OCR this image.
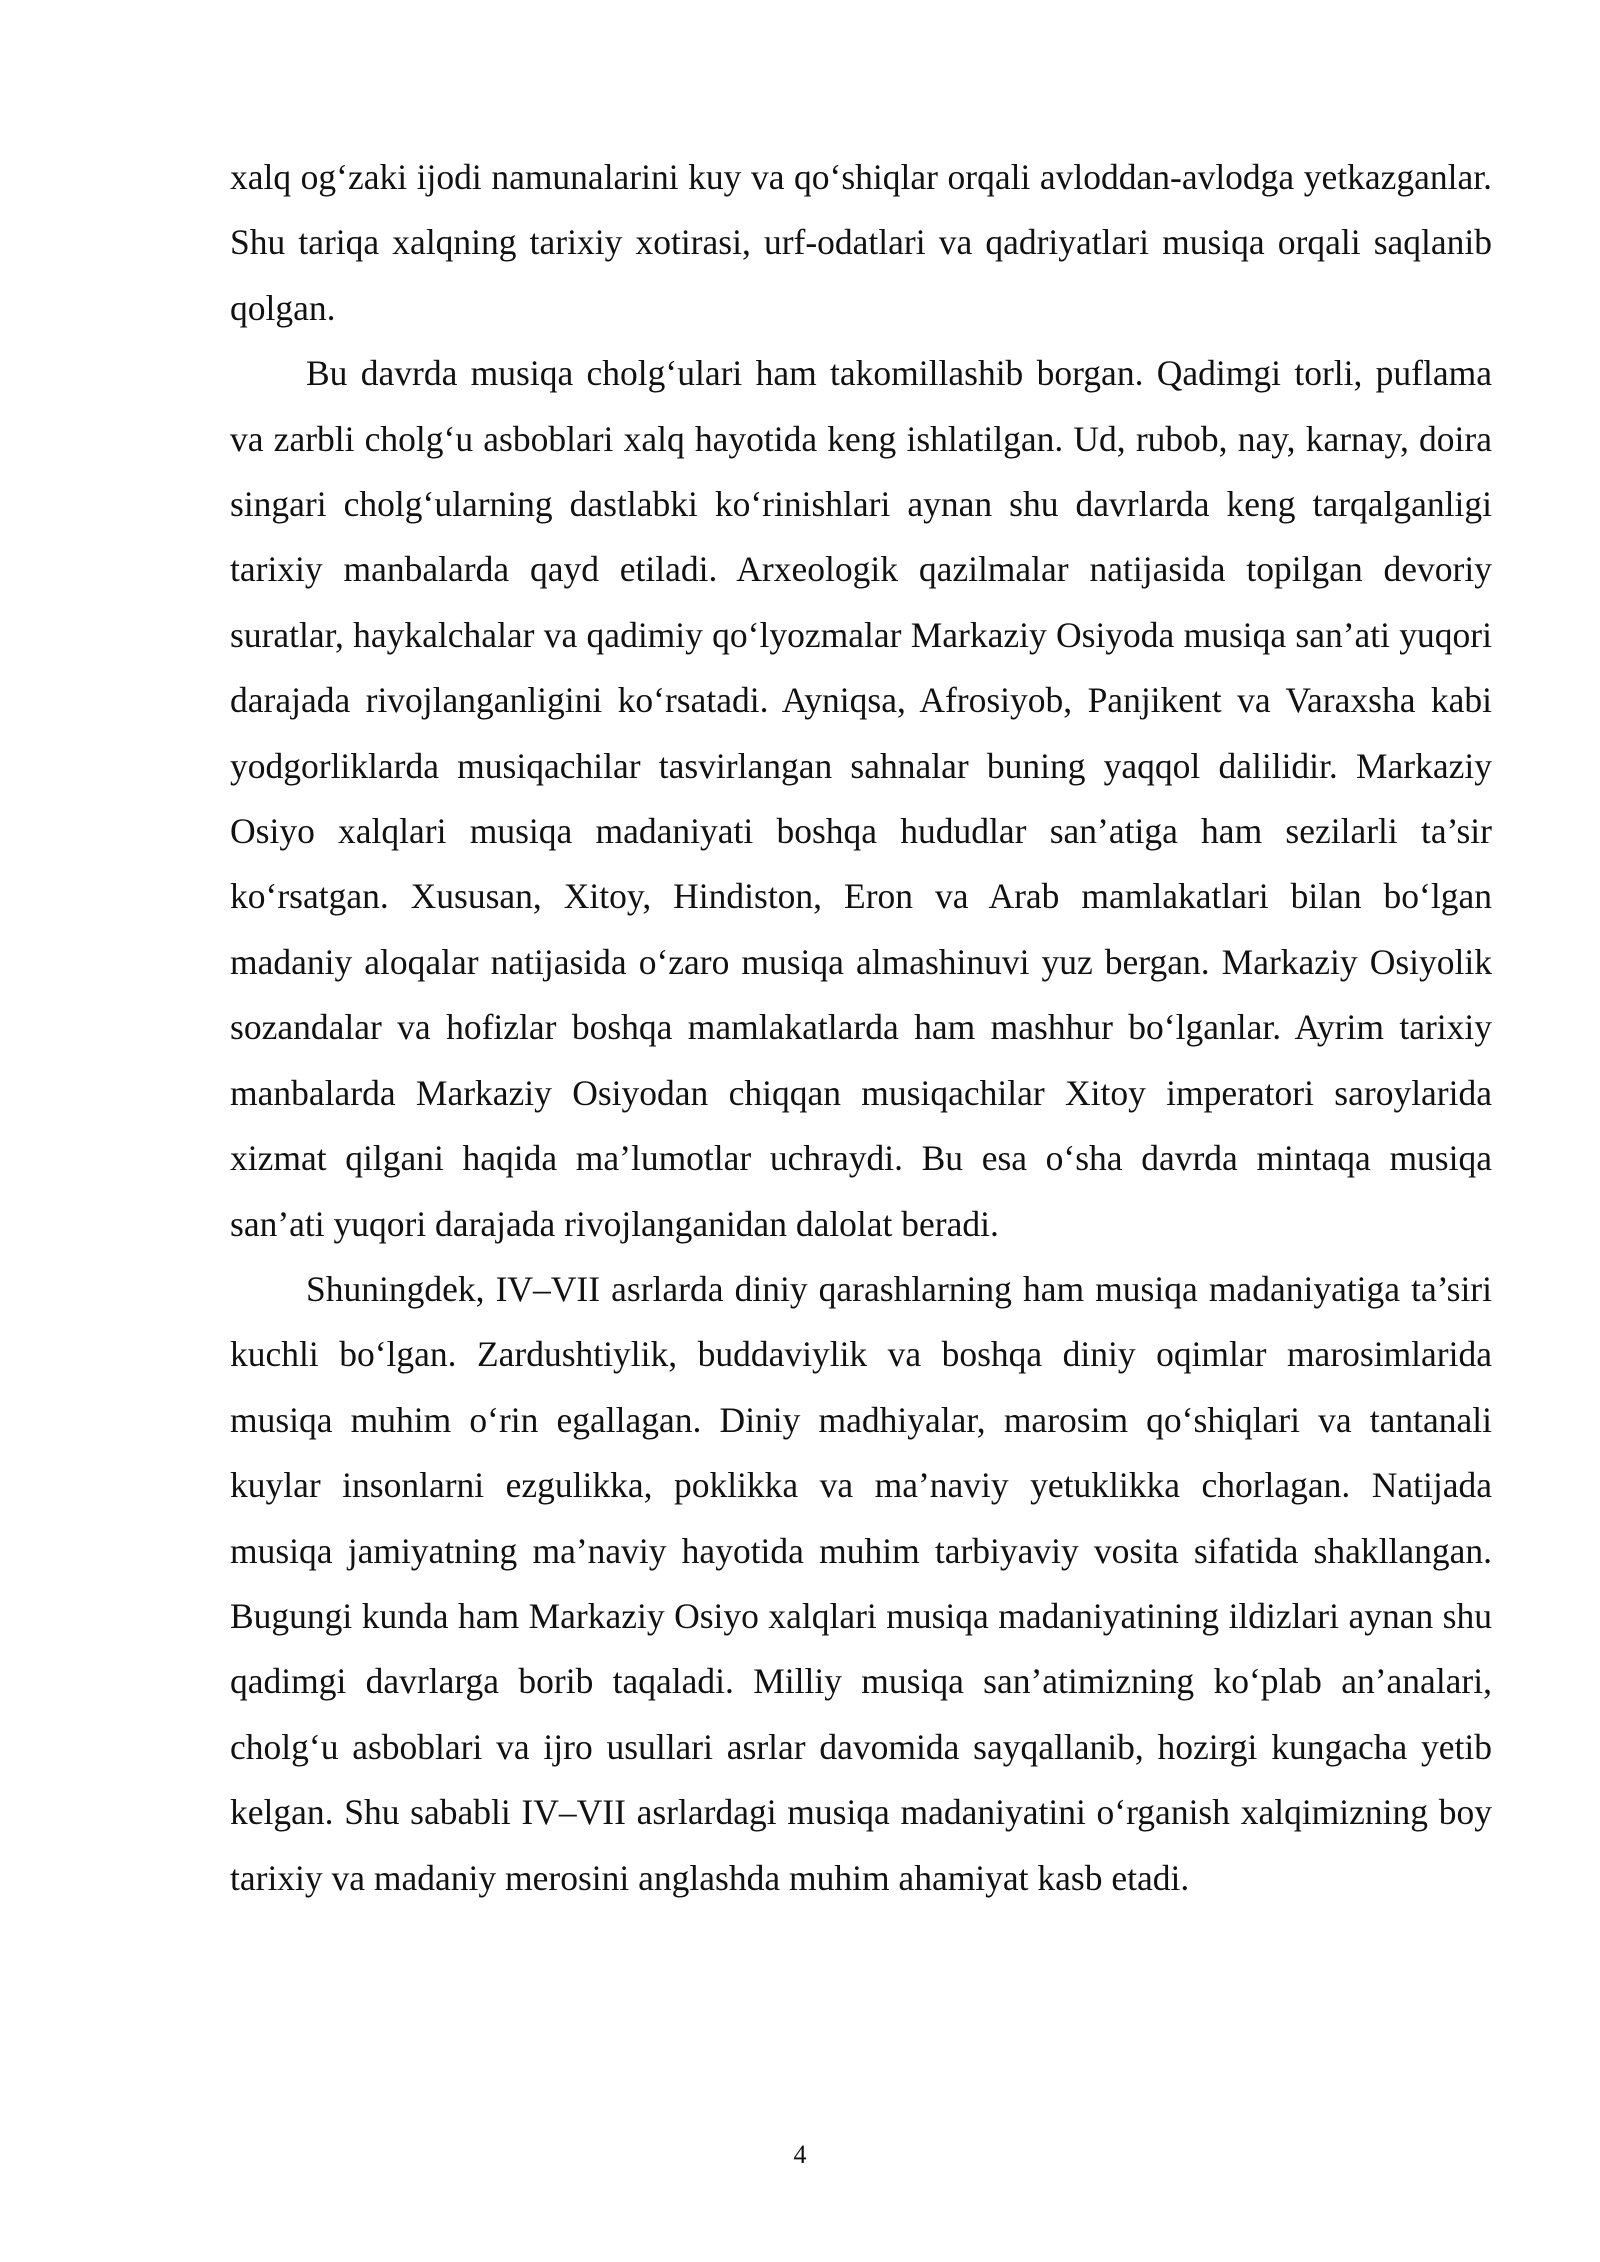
xalq og‘zaki ijodi namunalarini kuy va qo‘shiqlar orqali avloddan-avlodga yetkazganlar. Shu tariqa xalqning tarixiy xotirasi, urf-odatlari va qadriyatlari musiqa orqali saqlanib qolgan.

Bu davrda musiqa cholg‘ulari ham takomillashib borgan. Qadimgi torli, puflama va zarbli cholg‘u asboblari xalq hayotida keng ishlatilgan. Ud, rubob, nay, karnay, doira singari cholg‘ularning dastlabki ko‘rinishlari aynan shu davrlarda keng tarqalganligi tarixiy manbalarda qayd etiladi. Arxeologik qazilmalar natijasida topilgan devoriy suratlar, haykalchalar va qadimiy qo‘lyozmalar Markaziy Osiyoda musiqa san’ati yuqori darajada rivojlanganligini ko‘rsatadi. Ayniqsa, Afrosiyob, Panjikent va Varaxsha kabi yodgorliklarda musiqachilar tasvirlangan sahnalar buning yaqqol dalilidir. Markaziy Osiyo xalqlari musiqa madaniyati boshqa hududlar san’atiga ham sezilarli ta’sir ko‘rsatgan. Xususan, Xitoy, Hindiston, Eron va Arab mamlakatlari bilan bo‘lgan madaniy aloqalar natijasida o‘zaro musiqa almashinuvi yuz bergan. Markaziy Osiyolik sozandalar va hofizlar boshqa mamlakatlarda ham mashhur bo‘lganlar. Ayrim tarixiy manbalarda Markaziy Osiyodan chiqqan musiqachilar Xitoy imperatori saroylarida xizmat qilgani haqida ma’lumotlar uchraydi. Bu esa o‘sha davrda mintaqa musiqa san’ati yuqori darajada rivojlanganidan dalolat beradi.

Shuningdek, IV–VII asrlarda diniy qarashlarning ham musiqa madaniyatiga ta’siri kuchli bo‘lgan. Zardushtiylik, buddaviylik va boshqa diniy oqimlar marosimlarida musiqa muhim o‘rin egallagan. Diniy madhiyalar, marosim qo‘shiqlari va tantanali kuylar insonlarni ezgulikka, poklikka va ma’naviy yetuklikka chorlagan. Natijada musiqa jamiyatning ma’naviy hayotida muhim tarbiyaviy vosita sifatida shakllangan. Bugungi kunda ham Markaziy Osiyo xalqlari musiqa madaniyatining ildizlari aynan shu qadimgi davrlarga borib taqaladi. Milliy musiqa san’atimizning ko‘plab an’analari, cholg‘u asboblari va ijro usullari asrlar davomida sayqallanib, hozirgi kungacha yetib kelgan. Shu sababli IV–VII asrlardagi musiqa madaniyatini o‘rganish xalqimizning boy tarixiy va madaniy merosini anglashda muhim ahamiyat kasb etadi.

4
